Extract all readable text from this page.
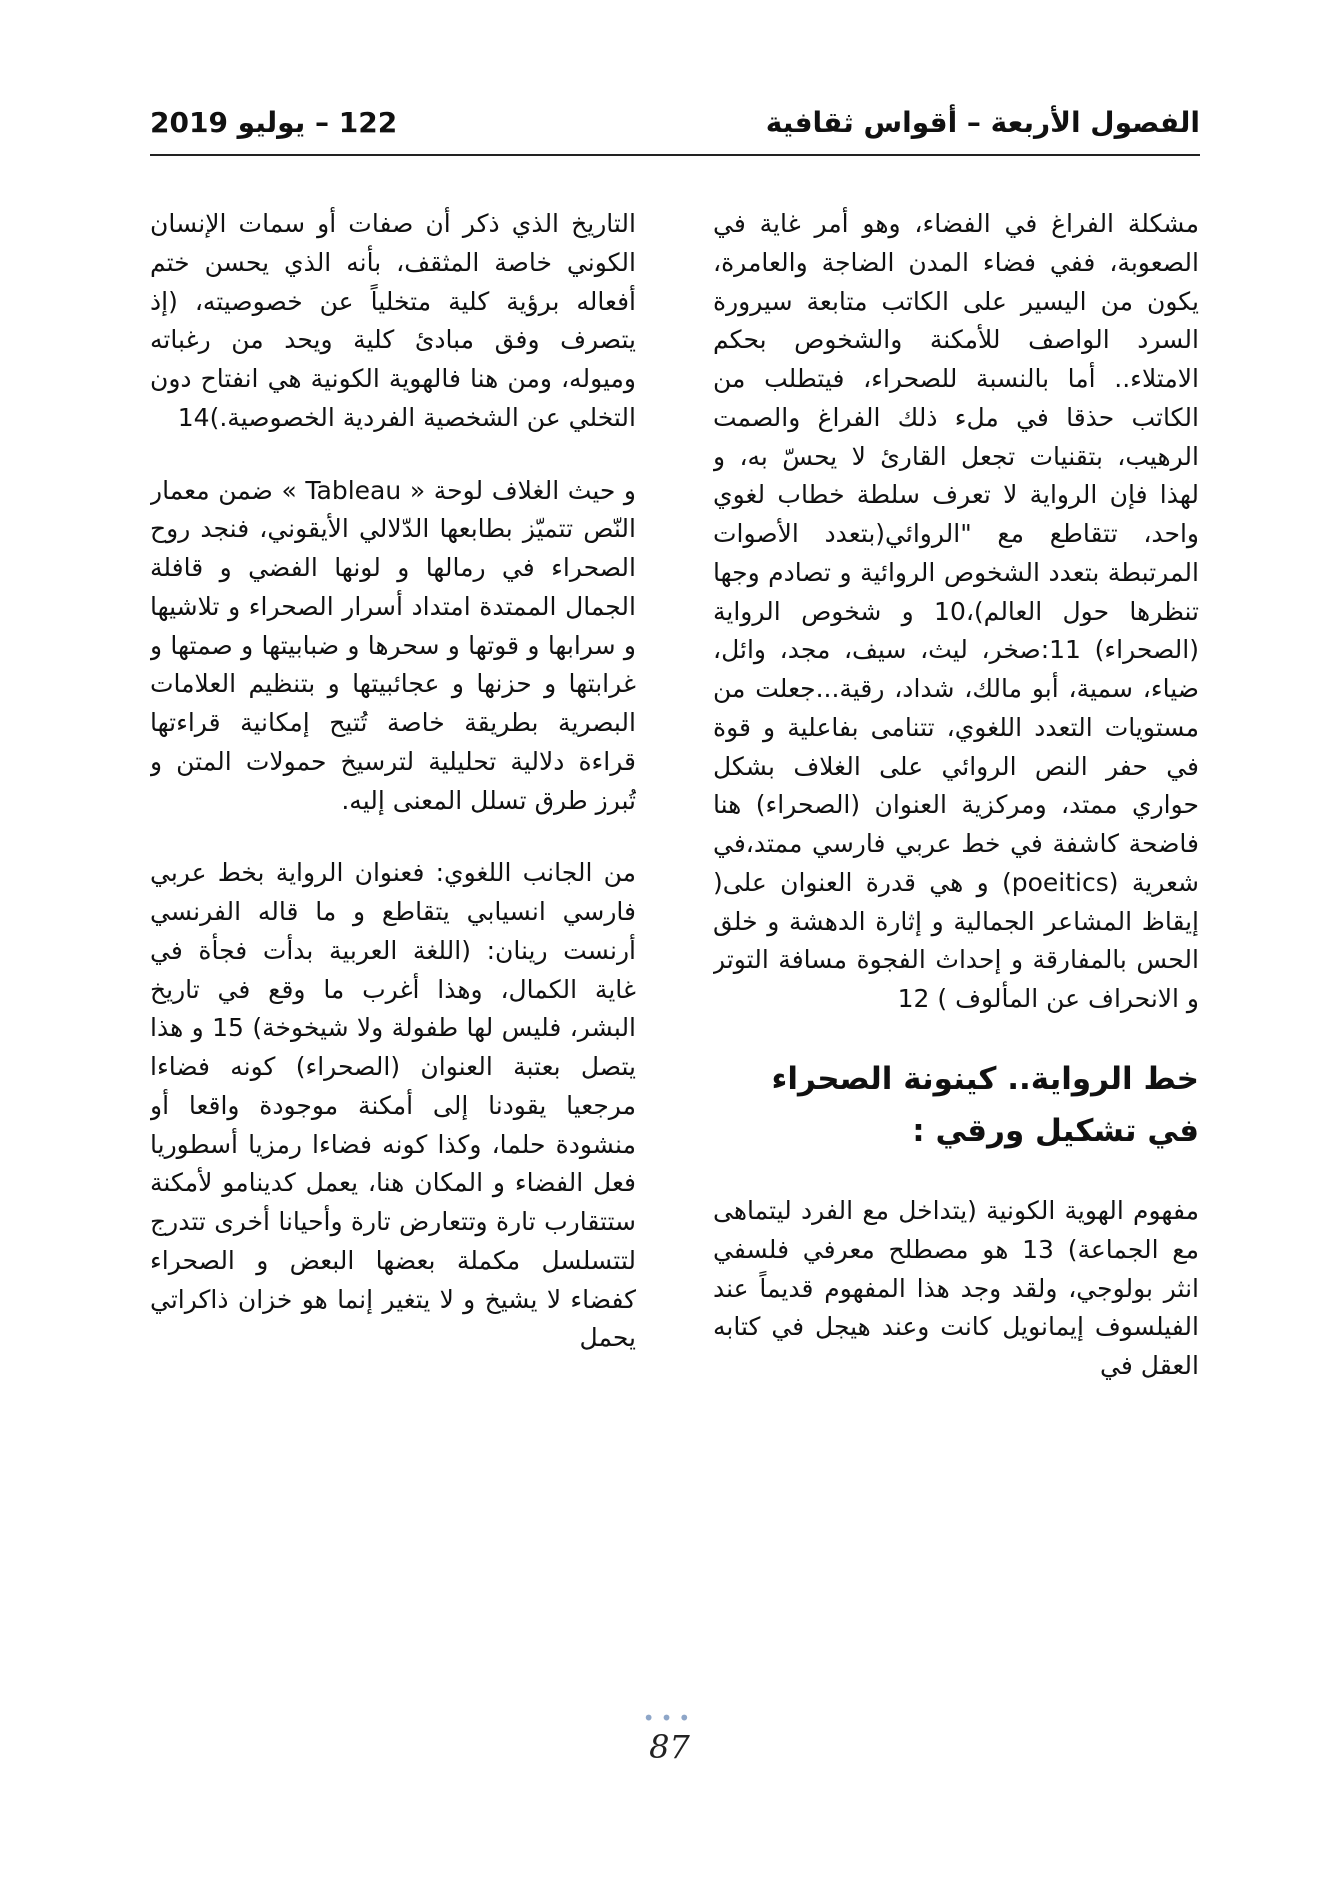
الفصول الأربعة – أقواس ثقافية
122 – يوليو 2019

مشكلة الفراغ في الفضاء، وهو أمر غاية في الصعوبة، ففي فضاء المدن الضاجة والعامرة، يكون من اليسير على الكاتب متابعة سيرورة السرد الواصف للأمكنة والشخوص بحكم الامتلاء.. أما بالنسبة للصحراء، فيتطلب من الكاتب حذقا في ملء ذلك الفراغ والصمت الرهيب، بتقنيات تجعل القارئ لا يحسّ به، و لهذا فإن الرواية لا تعرف سلطة خطاب لغوي واحد، تتقاطع مع "الروائي(بتعدد الأصوات المرتبطة بتعدد الشخوص الروائية و تصادم وجها تنظرها حول العالم)،10 و شخوص الرواية (الصحراء) 11:صخر، ليث، سيف، مجد، وائل، ضياء، سمية، أبو مالك، شداد، رقية...جعلت من مستويات التعدد اللغوي، تتنامى بفاعلية و قوة في حفر النص الروائي على الغلاف بشكل حواري ممتد، ومركزية العنوان (الصحراء) هنا فاضحة كاشفة في خط عربي فارسي ممتد،في شعرية (poeitics) و هي قدرة العنوان على( إيقاظ المشاعر الجمالية و إثارة الدهشة و خلق الحس بالمفارقة و إحداث الفجوة مسافة التوتر و الانحراف عن المألوف ) 12

خط الرواية.. كينونة الصحراء في تشكيل ورقي :

مفهوم الهوية الكونية (يتداخل مع الفرد ليتماهى مع الجماعة) 13 هو مصطلح معرفي فلسفي انثر بولوجي، ولقد وجد هذا المفهوم قديماً عند الفيلسوف إيمانويل كانت وعند هيجل في كتابه العقل في

التاريخ الذي ذكر أن صفات أو سمات الإنسان الكوني خاصة المثقف، بأنه الذي يحسن ختم أفعاله برؤية كلية متخلياً عن خصوصيته، (إذ يتصرف وفق مبادئ كلية ويحد من رغباته وميوله، ومن هنا فالهوية الكونية هي انفتاح دون التخلي عن الشخصية الفردية الخصوصية.)14

و حيث الغلاف لوحة « Tableau » ضمن معمار النّص تتميّز بطابعها الدّلالي الأيقوني، فنجد روح الصحراء في رمالها و لونها الفضي و قافلة الجمال الممتدة امتداد أسرار الصحراء و تلاشيها و سرابها و قوتها و سحرها و ضبابيتها و صمتها و غرابتها و حزنها و عجائبيتها و بتنظيم العلامات البصرية بطريقة خاصة تُتيح إمكانية قراءتها قراءة دلالية تحليلية لترسيخ حمولات المتن و تُبرز طرق تسلل المعنى إليه.

من الجانب اللغوي: فعنوان الرواية بخط عربي فارسي انسيابي يتقاطع و ما قاله الفرنسي أرنست رينان: (اللغة العربية بدأت فجأة في غاية الكمال، وهذا أغرب ما وقع في تاريخ البشر، فليس لها طفولة ولا شيخوخة) 15 و هذا يتصل بعتبة العنوان (الصحراء) كونه فضاءا مرجعيا يقودنا إلى أمكنة موجودة واقعا أو منشودة حلما، وكذا كونه فضاءا رمزيا أسطوريا فعل الفضاء و المكان هنا، يعمل كدينامو لأمكنة ستتقارب تارة وتتعارض تارة وأحيانا أخرى تتدرج لتتسلسل مكملة بعضها البعض و الصحراء كفضاء لا يشيخ و لا يتغير إنما هو خزان ذاكراتي يحمل

•••
87
